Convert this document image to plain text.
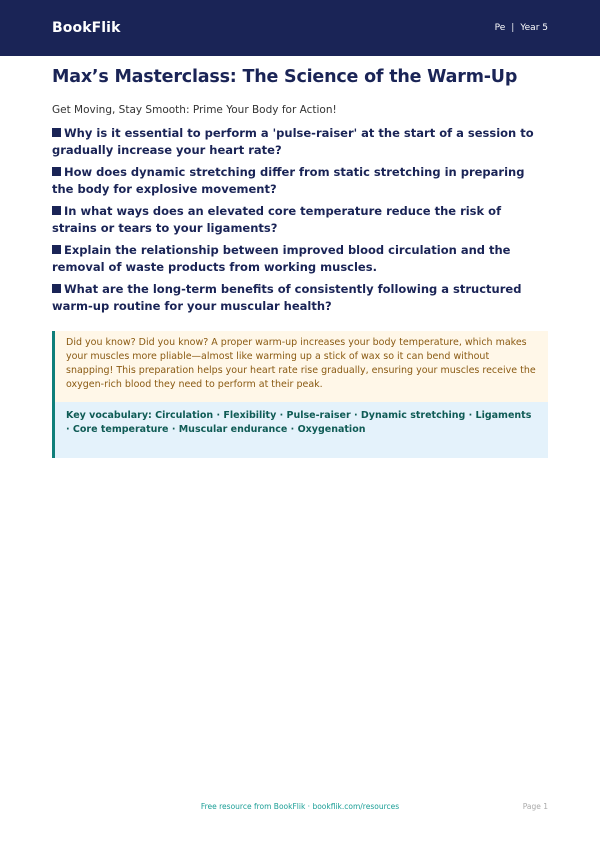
BookFlik	Pe | Year 5
Max’s Masterclass: The Science of the Warm-Up

Get Moving, Stay Smooth: Prime Your Body for Action!

Why is it essential to perform a 'pulse-raiser' at the start of a session to gradually increase your heart rate?
How does dynamic stretching differ from static stretching in preparing the body for explosive movement?
In what ways does an elevated core temperature reduce the risk of strains or tears to your ligaments?
Explain the relationship between improved blood circulation and the removal of waste products from working muscles.
What are the long-term benefits of consistently following a structured warm-up routine for your muscular health?
Did you know? Did you know? A proper warm-up increases your body temperature, which makes your muscles more pliable—almost like warming up a stick of wax so it can bend without snapping! This preparation helps your heart rate rise gradually, ensuring your muscles receive the oxygen-rich blood they need to perform at their peak.
Key vocabulary: Circulation · Flexibility · Pulse-raiser · Dynamic stretching · Ligaments · Core temperature · Muscular endurance · Oxygenation
Free resource from BookFlik · bookflik.com/resources	Page 1
